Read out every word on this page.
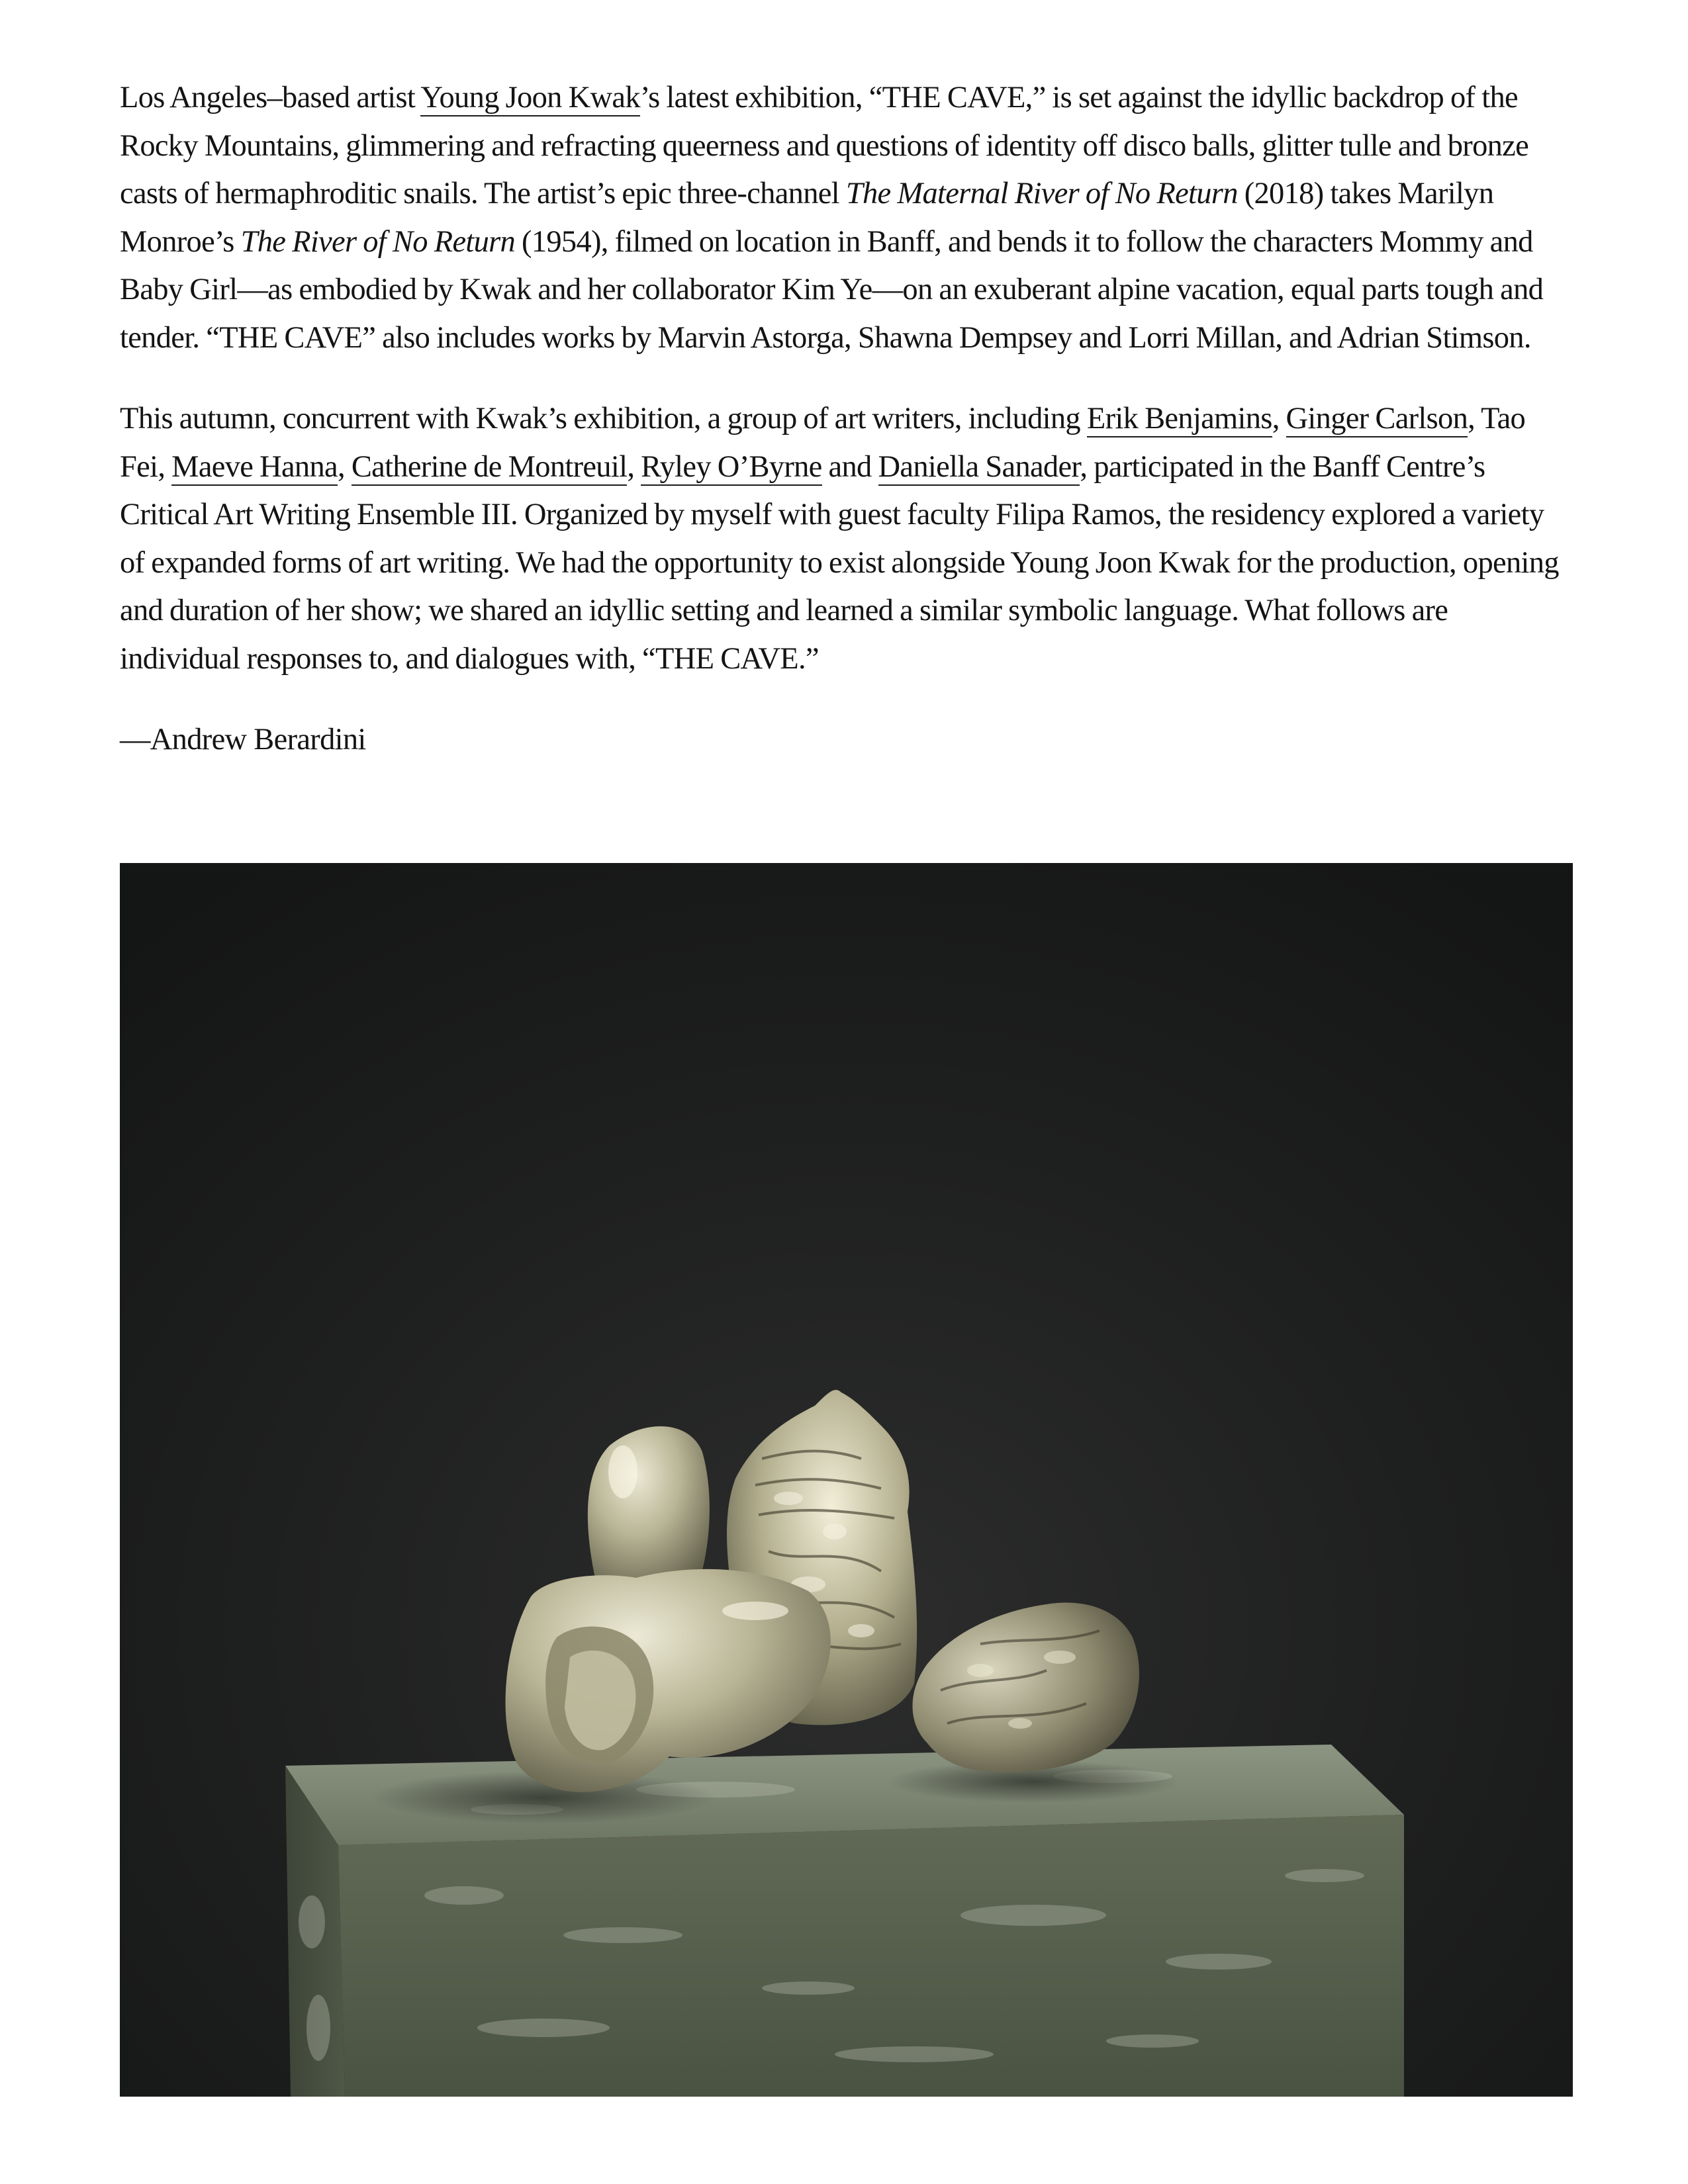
Los Angeles–based artist Young Joon Kwak’s latest exhibition, “THE CAVE,” is set against the idyllic backdrop of the Rocky Mountains, glimmering and refracting queerness and questions of identity off disco balls, glitter tulle and bronze casts of hermaphroditic snails. The artist’s epic three-channel The Maternal River of No Return (2018) takes Marilyn Monroe’s The River of No Return (1954), filmed on location in Banff, and bends it to follow the characters Mommy and Baby Girl—as embodied by Kwak and her collaborator Kim Ye—on an exuberant alpine vacation, equal parts tough and tender. “THE CAVE” also includes works by Marvin Astorga, Shawna Dempsey and Lorri Millan, and Adrian Stimson.

This autumn, concurrent with Kwak’s exhibition, a group of art writers, including Erik Benjamins, Ginger Carlson, Tao Fei, Maeve Hanna, Catherine de Montreuil, Ryley O’Byrne and Daniella Sanader, participated in the Banff Centre’s Critical Art Writing Ensemble III. Organized by myself with guest faculty Filipa Ramos, the residency explored a variety of expanded forms of art writing. We had the opportunity to exist alongside Young Joon Kwak for the production, opening and duration of her show; we shared an idyllic setting and learned a similar symbolic language. What follows are individual responses to, and dialogues with, “THE CAVE.”

—Andrew Berardini
